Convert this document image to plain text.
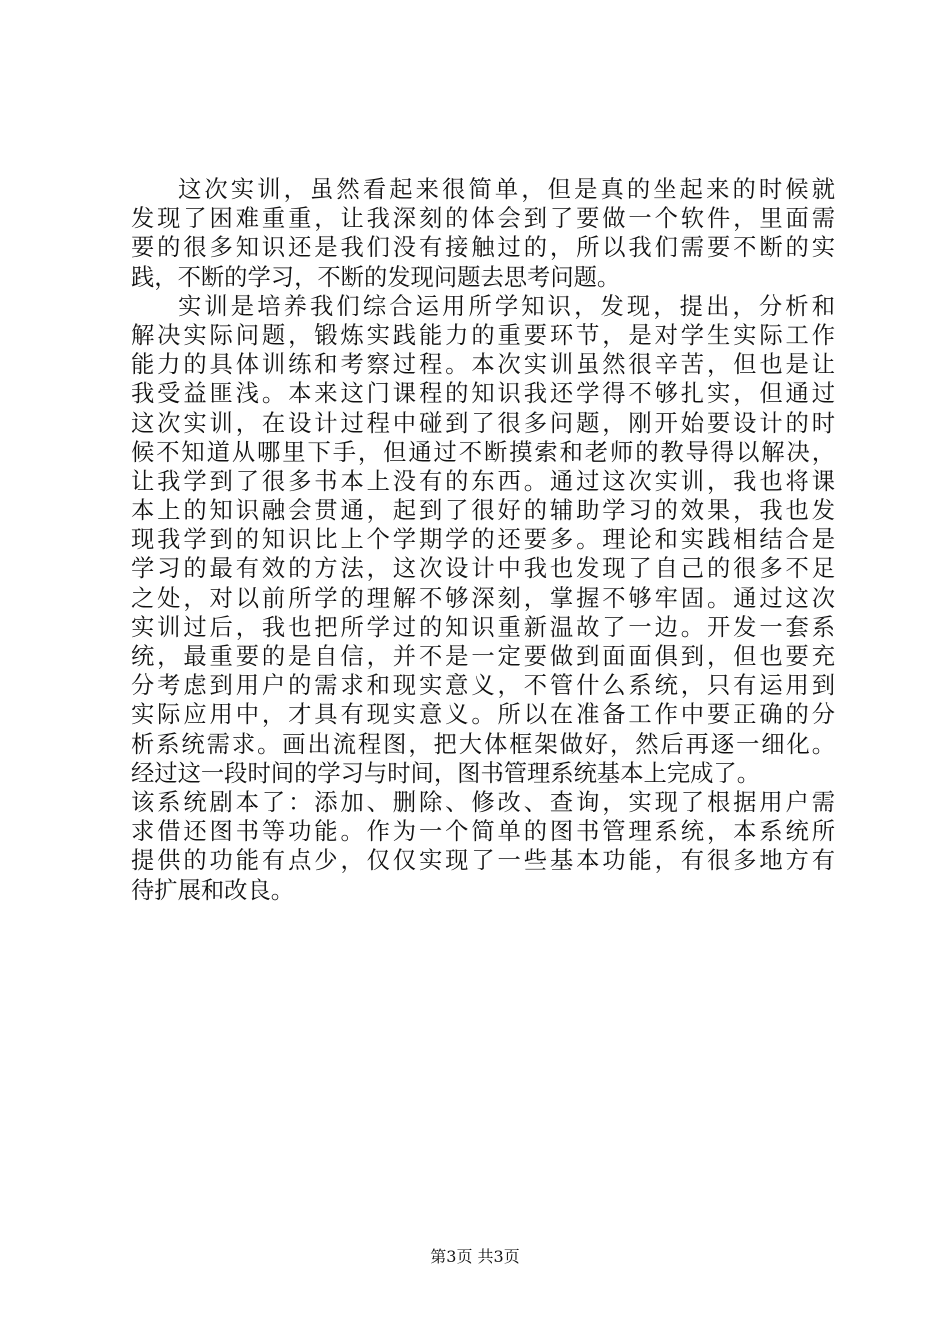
这次实训，虽然看起来很简单，但是真的坐起来的时候就
发现了困难重重，让我深刻的体会到了要做一个软件，里面需
要的很多知识还是我们没有接触过的，所以我们需要不断的实
践，不断的学习，不断的发现问题去思考问题。
实训是培养我们综合运用所学知识，发现，提出，分析和
解决实际问题，锻炼实践能力的重要环节，是对学生实际工作
能力的具体训练和考察过程。本次实训虽然很辛苦，但也是让
我受益匪浅。本来这门课程的知识我还学得不够扎实，但通过
这次实训，在设计过程中碰到了很多问题，刚开始要设计的时
候不知道从哪里下手，但通过不断摸索和老师的教导得以解决，
让我学到了很多书本上没有的东西。通过这次实训，我也将课
本上的知识融会贯通，起到了很好的辅助学习的效果，我也发
现我学到的知识比上个学期学的还要多。理论和实践相结合是
学习的最有效的方法，这次设计中我也发现了自己的很多不足
之处，对以前所学的理解不够深刻，掌握不够牢固。通过这次
实训过后，我也把所学过的知识重新温故了一边。开发一套系
统，最重要的是自信，并不是一定要做到面面俱到，但也要充
分考虑到用户的需求和现实意义，不管什么系统，只有运用到
实际应用中，才具有现实意义。所以在准备工作中要正确的分
析系统需求。画出流程图，把大体框架做好，然后再逐一细化。
经过这一段时间的学习与时间，图书管理系统基本上完成了。
该系统剧本了：添加、删除、修改、查询，实现了根据用户需
求借还图书等功能。作为一个简单的图书管理系统，本系统所
提供的功能有点少，仅仅实现了一些基本功能，有很多地方有
待扩展和改良。
第3页 共3页
